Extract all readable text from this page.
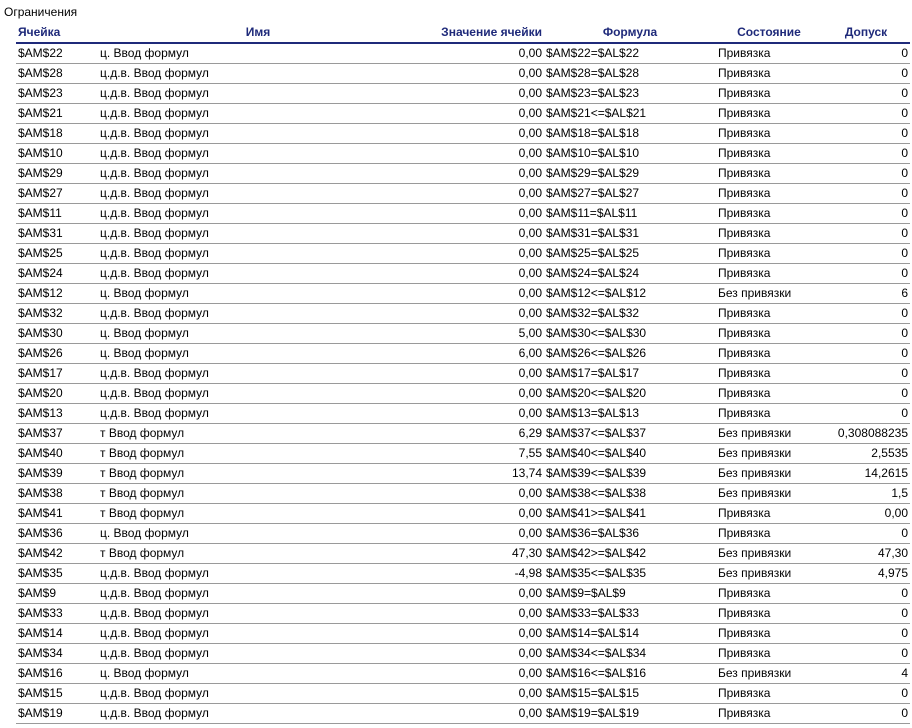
Ограничения
Ячейка	Имя	Значение ячейки	Формула	Состояние	Допуск
$AM$22	ц. Ввод формул	0,00	$AM$22=$AL$22	Привязка	0
$AM$28	ц.д.в. Ввод формул	0,00	$AM$28=$AL$28	Привязка	0
$AM$23	ц.д.в. Ввод формул	0,00	$AM$23=$AL$23	Привязка	0
$AM$21	ц.д.в. Ввод формул	0,00	$AM$21<=$AL$21	Привязка	0
$AM$18	ц.д.в. Ввод формул	0,00	$AM$18=$AL$18	Привязка	0
$AM$10	ц.д.в. Ввод формул	0,00	$AM$10=$AL$10	Привязка	0
$AM$29	ц.д.в. Ввод формул	0,00	$AM$29=$AL$29	Привязка	0
$AM$27	ц.д.в. Ввод формул	0,00	$AM$27=$AL$27	Привязка	0
$AM$11	ц.д.в. Ввод формул	0,00	$AM$11=$AL$11	Привязка	0
$AM$31	ц.д.в. Ввод формул	0,00	$AM$31=$AL$31	Привязка	0
$AM$25	ц.д.в. Ввод формул	0,00	$AM$25=$AL$25	Привязка	0
$AM$24	ц.д.в. Ввод формул	0,00	$AM$24=$AL$24	Привязка	0
$AM$12	ц. Ввод формул	0,00	$AM$12<=$AL$12	Без привязки	6
$AM$32	ц.д.в. Ввод формул	0,00	$AM$32=$AL$32	Привязка	0
$AM$30	ц. Ввод формул	5,00	$AM$30<=$AL$30	Привязка	0
$AM$26	ц. Ввод формул	6,00	$AM$26<=$AL$26	Привязка	0
$AM$17	ц.д.в. Ввод формул	0,00	$AM$17=$AL$17	Привязка	0
$AM$20	ц.д.в. Ввод формул	0,00	$AM$20<=$AL$20	Привязка	0
$AM$13	ц.д.в. Ввод формул	0,00	$AM$13=$AL$13	Привязка	0
$AM$37	т Ввод формул	6,29	$AM$37<=$AL$37	Без привязки	0,308088235
$AM$40	т Ввод формул	7,55	$AM$40<=$AL$40	Без привязки	2,5535
$AM$39	т Ввод формул	13,74	$AM$39<=$AL$39	Без привязки	14,2615
$AM$38	т Ввод формул	0,00	$AM$38<=$AL$38	Без привязки	1,5
$AM$41	т Ввод формул	0,00	$AM$41>=$AL$41	Привязка	0,00
$AM$36	ц. Ввод формул	0,00	$AM$36=$AL$36	Привязка	0
$AM$42	т Ввод формул	47,30	$AM$42>=$AL$42	Без привязки	47,30
$AM$35	ц.д.в. Ввод формул	-4,98	$AM$35<=$AL$35	Без привязки	4,975
$AM$9	ц.д.в. Ввод формул	0,00	$AM$9=$AL$9	Привязка	0
$AM$33	ц.д.в. Ввод формул	0,00	$AM$33=$AL$33	Привязка	0
$AM$14	ц.д.в. Ввод формул	0,00	$AM$14=$AL$14	Привязка	0
$AM$34	ц.д.в. Ввод формул	0,00	$AM$34<=$AL$34	Привязка	0
$AM$16	ц. Ввод формул	0,00	$AM$16<=$AL$16	Без привязки	4
$AM$15	ц.д.в. Ввод формул	0,00	$AM$15=$AL$15	Привязка	0
$AM$19	ц.д.в. Ввод формул	0,00	$AM$19=$AL$19	Привязка	0
